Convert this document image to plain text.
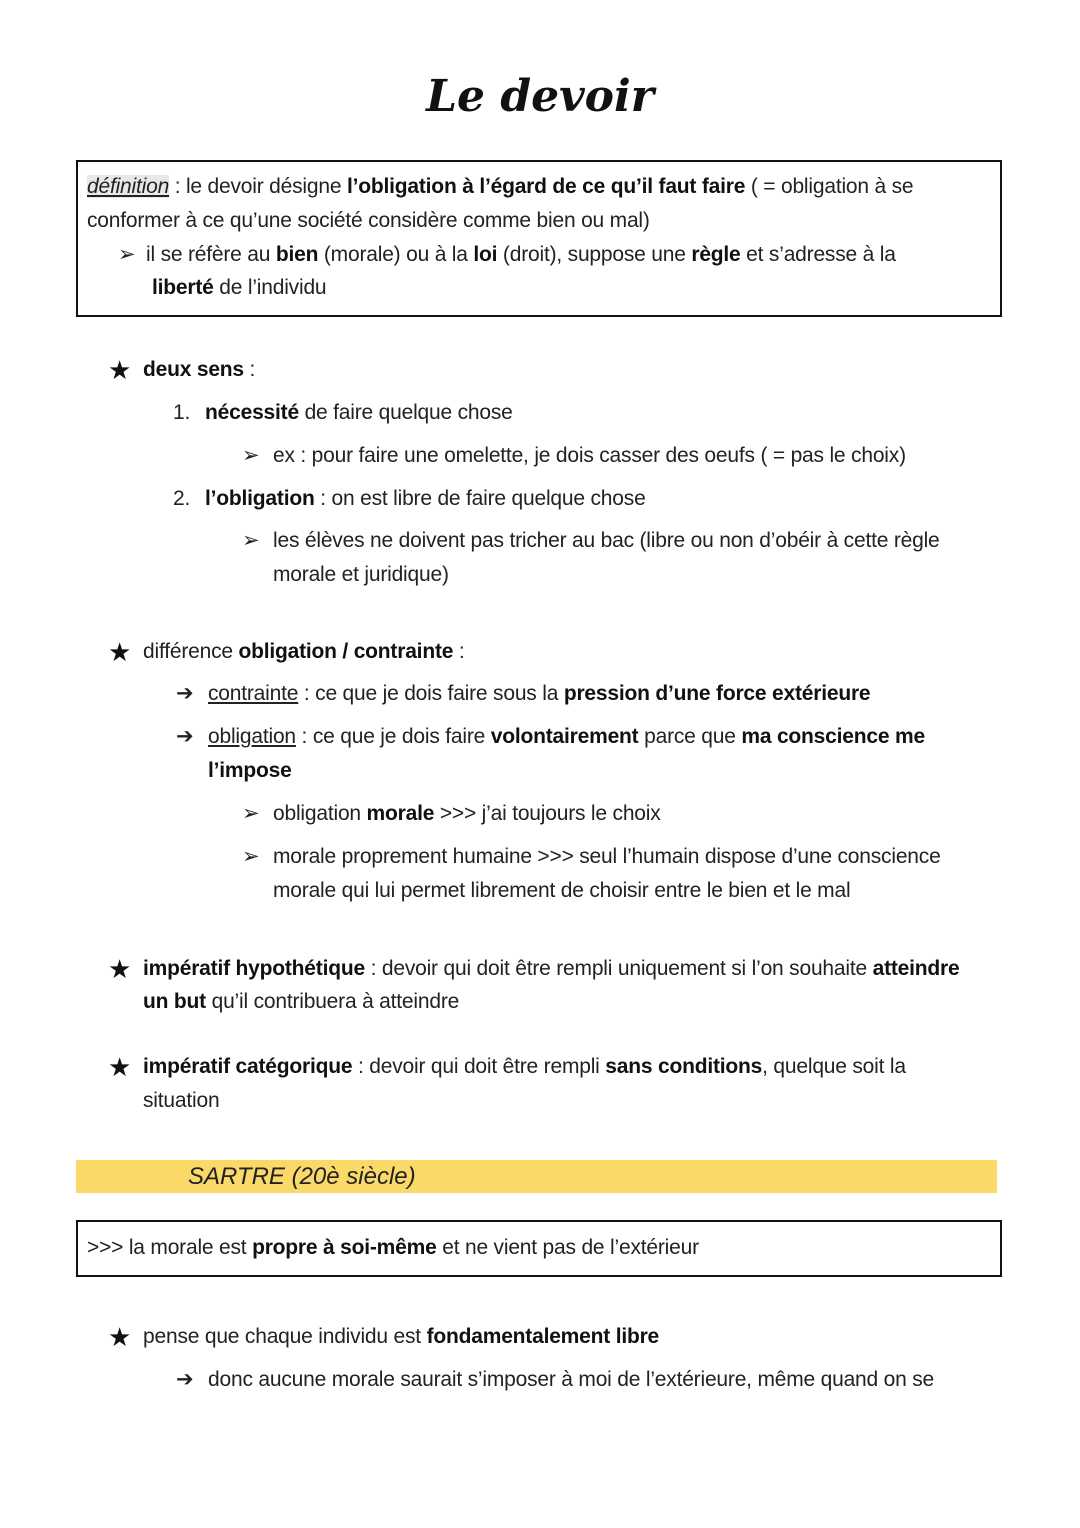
Le devoir
définition : le devoir désigne l’obligation à l’égard de ce qu’il faut faire ( = obligation à se
conformer à ce qu’une société considère comme bien ou mal)
➢ il se réfère au bien (morale) ou à la loi (droit), suppose une règle et s’adresse à la
liberté de l’individu
★ deux sens :
1. nécessité de faire quelque chose
➢ ex : pour faire une omelette, je dois casser des oeufs ( = pas le choix)
2. l’obligation : on est libre de faire quelque chose
➢ les élèves ne doivent pas tricher au bac (libre ou non d’obéir à cette règle
morale et juridique)
★ différence obligation / contrainte :
➔ contrainte : ce que je dois faire sous la pression d’une force extérieure
➔ obligation : ce que je dois faire volontairement parce que ma conscience me
l’impose
➢ obligation morale >>> j’ai toujours le choix
➢ morale proprement humaine >>> seul l’humain dispose d’une conscience
morale qui lui permet librement de choisir entre le bien et le mal
★ impératif hypothétique : devoir qui doit être rempli uniquement si l’on souhaite atteindre
un but qu’il contribuera à atteindre
★ impératif catégorique : devoir qui doit être rempli sans conditions, quelque soit la
situation
SARTRE (20è siècle)
>>> la morale est propre à soi-même et ne vient pas de l’extérieur
★ pense que chaque individu est fondamentalement libre
➔ donc aucune morale saurait s’imposer à moi de l’extérieure, même quand on se
